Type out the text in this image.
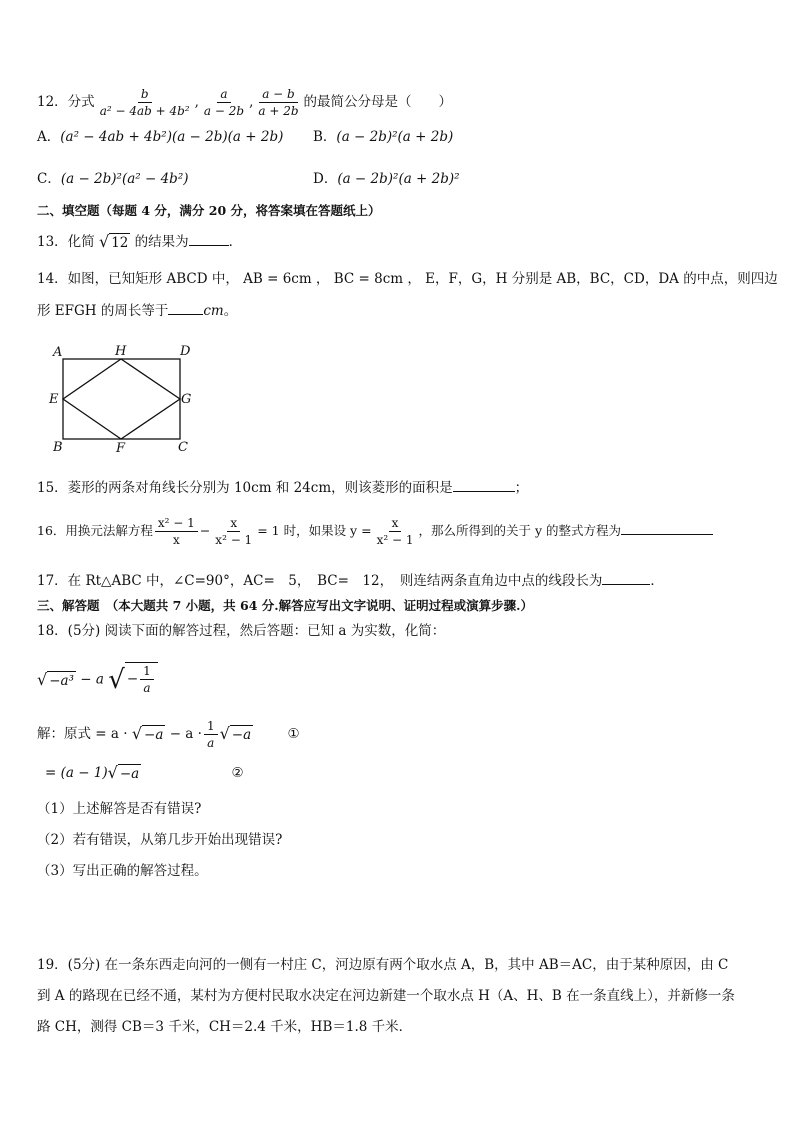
12．分式 $\frac{b}{\text{a² − 4ab + 4b²}}$ , $\frac{a}{a - 2b}$ , $\frac{a - b}{a + 2b}$ 的最简公分母是（　　）
A．(a² − 4ab + 4b²)(a − 2b)(a + 2b) B．(a − 2b)²(a + 2b)
C．(a − 2b)²(a² − 4b²)	D．(a − 2b)²(a + 2b)²
二、填空题（每题 4 分，满分 20 分，将答案填在答题纸上）
13．化简 √ 12 的结果为	．
14．如图，已知矩形 ABCD 中， AB = 6cm ， BC = 8cm ， E，F，G，H 分别是 AB，BC，CD，DA 的中点，则四边
形 EFGH 的周长等于	cm。
A	H	D
E	G
B	F	C
15．菱形的两条对角线长分别为 10cm 和 24cm，则该菱形的面积是	；
16．用换元法解方程 $\frac{\text{x² − 1}}{x} - \frac{x}{\text{x² − 1}} = 1$ 时，如果设 $y = \frac{x}{\text{x² − 1}}$ ，那么所得到的关于 y 的整式方程为
17．在 Rt△ABC 中，∠C=90°，AC=　5，　BC=　12，　则连结两条直角边中点的线段长为	．
三、解答题　（本大题共 7 小题，共 64 分.解答应写出文字说明、证明过程或演算步骤.）
18．(5分) 阅读下面的解答过程，然后答题：已知 a 为实数，化简：
√ −a³ − a √ − $\frac{1}{a}$
解：原式 = a · √ $-a - a \cdot \frac{1}{a}$ √ −a	①
= (a − 1) √ −a	②
（1）上述解答是否有错误?
（2）若有错误，从第几步开始出现错误?
（3）写出正确的解答过程。
19．(5分) 在一条东西走向河的一侧有一村庄 C，河边原有两个取水点 A，B，其中 AB＝AC，由于某种原因，由 C
到 A 的路现在已经不通，某村为方便村民取水决定在河边新建一个取水点 H（A、H、B 在一条直线上），并新修一条
路 CH，测得 CB＝3 千米，CH＝2.4 千米，HB＝1.8 千米．
